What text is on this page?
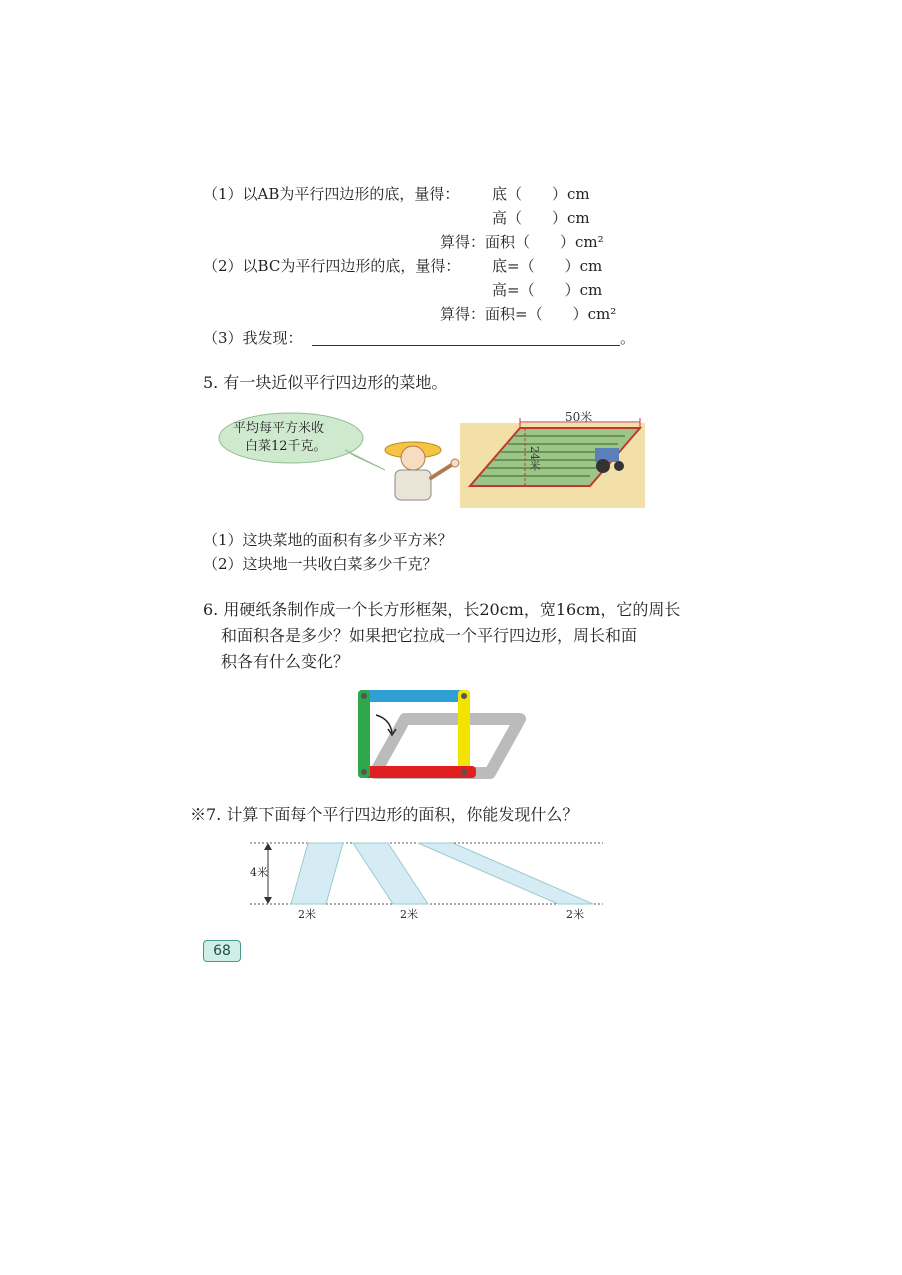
（1）以AB为平行四边形的底，量得： 底（　　）cm
高（　　）cm
算得：面积（　　）cm²
（2）以BC为平行四边形的底，量得： 底=（　　）cm
高=（　　）cm
算得：面积=（　　）cm²
（3）我发现：	。
5. 有一块近似平行四边形的菜地。
平均每平方米收
白菜12千克。
50米
24米
（1）这块菜地的面积有多少平方米？
（2）这块地一共收白菜多少千克？
6. 用硬纸条制作成一个长方形框架，长20cm，宽16cm，它的周长
和面积各是多少？如果把它拉成一个平行四边形，周长和面
积各有什么变化？
※7. 计算下面每个平行四边形的面积，你能发现什么？
4米
2米	2米	2米
68
